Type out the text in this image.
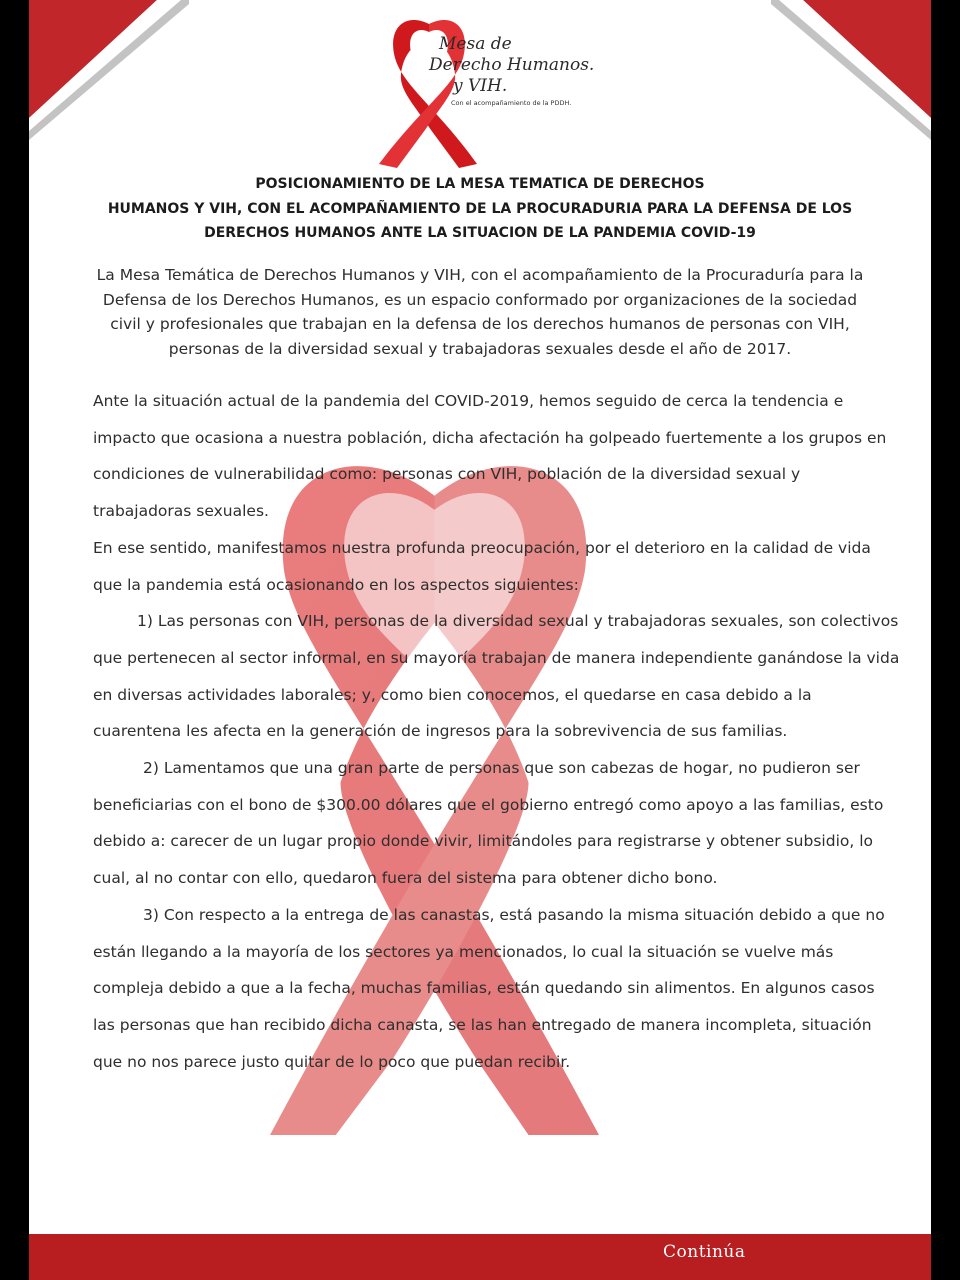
Mesa de
Derecho Humanos.
y VIH.
Con el acompañamiento de la PDDH.
POSICIONAMIENTO DE LA MESA TEMATICA DE DERECHOS
HUMANOS Y VIH, CON EL ACOMPAÑAMIENTO DE LA PROCURADURIA PARA LA DEFENSA DE LOS
DERECHOS HUMANOS ANTE LA SITUACION DE LA PANDEMIA COVID-19
La Mesa Temática de Derechos Humanos y VIH, con el acompañamiento de la Procuraduría para la
Defensa de los Derechos Humanos, es un espacio conformado por organizaciones de la sociedad
civil y profesionales que trabajan en la defensa de los derechos humanos de personas con VIH,
personas de la diversidad sexual y trabajadoras sexuales desde el año de 2017.

Ante la situación actual de la pandemia del COVID-2019, hemos seguido de cerca la tendencia e

impacto que ocasiona a nuestra población, dicha afectación ha golpeado fuertemente a los grupos en

condiciones de vulnerabilidad como: personas con VIH, población de la diversidad sexual y

trabajadoras sexuales.

En ese sentido, manifestamos nuestra profunda preocupación, por el deterioro en la calidad de vida

que la pandemia está ocasionando en los aspectos siguientes:

1) Las personas con VIH, personas de la diversidad sexual y trabajadoras sexuales, son colectivos

que pertenecen al sector informal, en su mayoría trabajan de manera independiente ganándose la vida

en diversas actividades laborales; y, como bien conocemos, el quedarse en casa debido a la

cuarentena les afecta en la generación de ingresos para la sobrevivencia de sus familias.

2) Lamentamos que una gran parte de personas que son cabezas de hogar, no pudieron ser

beneficiarias con el bono de $300.00 dólares que el gobierno entregó como apoyo a las familias, esto

debido a: carecer de un lugar propio donde vivir, limitándoles para registrarse y obtener subsidio, lo

cual, al no contar con ello, quedaron fuera del sistema para obtener dicho bono.

3) Con respecto a la entrega de las canastas, está pasando la misma situación debido a que no

están llegando a la mayoría de los sectores ya mencionados, lo cual la situación se vuelve más

compleja debido a que a la fecha, muchas familias, están quedando sin alimentos. En algunos casos

las personas que han recibido dicha canasta, se las han entregado de manera incompleta, situación

que no nos parece justo quitar de lo poco que puedan recibir.

Continúa
